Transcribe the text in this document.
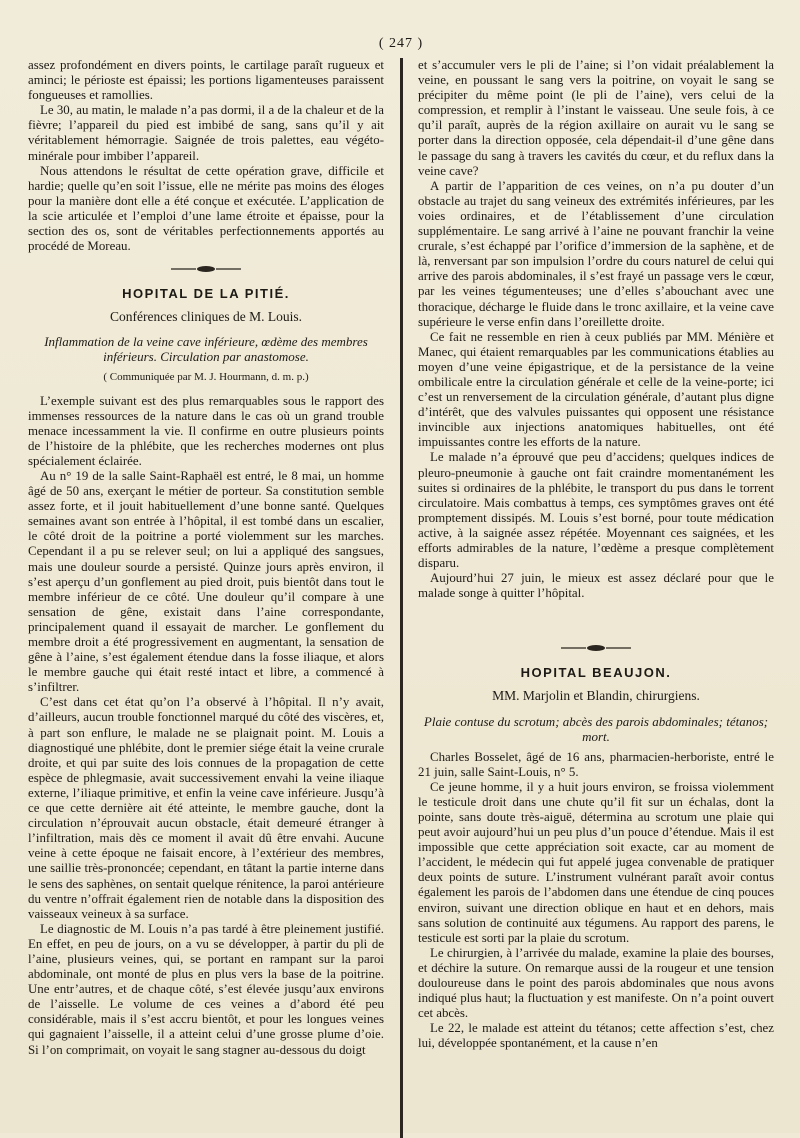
( 247 )

assez profondément en divers points, le cartilage paraît rugueux et aminci; le périoste est épaissi; les portions ligamenteuses paraissent fongueuses et ramollies.

Le 30, au matin, le malade n’a pas dormi, il a de la chaleur et de la fièvre; l’appareil du pied est imbibé de sang, sans qu’il y ait véritablement hémorragie. Saignée de trois palettes, eau végéto-minérale pour imbiber l’appareil.

Nous attendons le résultat de cette opération grave, difficile et hardie; quelle qu’en soit l’issue, elle ne mérite pas moins des éloges pour la manière dont elle a été conçue et exécutée. L’application de la scie articulée et l’emploi d’une lame étroite et épaisse, pour la section des os, sont de véritables perfectionnements apportés au procédé de Moreau.

HOPITAL DE LA PITIÉ.
Conférences cliniques de M. Louis.
Inflammation de la veine cave inférieure, œdème des membres inférieurs. Circulation par anastomose.
( Communiquée par M. J. Hourmann, d. m. p.)

L’exemple suivant est des plus remarquables sous le rapport des immenses ressources de la nature dans le cas où un grand trouble menace incessamment la vie. Il confirme en outre plusieurs points de l’histoire de la phlébite, que les recherches modernes ont plus spécialement éclairée.

Au n° 19 de la salle Saint-Raphaël est entré, le 8 mai, un homme âgé de 50 ans, exerçant le métier de porteur. Sa constitution semble assez forte, et il jouit habituellement d’une bonne santé. Quelques semaines avant son entrée à l’hôpital, il est tombé dans un escalier, le côté droit de la poitrine a porté violemment sur les marches. Cependant il a pu se relever seul; on lui a appliqué des sangsues, mais une douleur sourde a persisté. Quinze jours après environ, il s’est aperçu d’un gonflement au pied droit, puis bientôt dans tout le membre inférieur de ce côté. Une douleur qu’il compare à une sensation de gêne, existait dans l’aine correspondante, principalement quand il essayait de marcher. Le gonflement du membre droit a été progressivement en augmentant, la sensation de gêne à l’aine, s’est également étendue dans la fosse iliaque, et alors le membre gauche qui était resté intact et libre, a commencé à s’infiltrer.

C’est dans cet état qu’on l’a observé à l’hôpital. Il n’y avait, d’ailleurs, aucun trouble fonctionnel marqué du côté des viscères, et, à part son enflure, le malade ne se plaignait point. M. Louis a diagnostiqué une phlébite, dont le premier siége était la veine crurale droite, et qui par suite des lois connues de la propagation de cette espèce de phlegmasie, avait successivement envahi la veine iliaque externe, l’iliaque primitive, et enfin la veine cave inférieure. Jusqu’à ce que cette dernière ait été atteinte, le membre gauche, dont la circulation n’éprouvait aucun obstacle, était demeuré étranger à l’infiltration, mais dès ce moment il avait dû être envahi. Aucune veine à cette époque ne faisait encore, à l’extérieur des membres, une saillie très-prononcée; cependant, en tâtant la partie interne dans le sens des saphènes, on sentait quelque rénitence, la paroi antérieure du ventre n’offrait également rien de notable dans la disposition des vaisseaux veineux à sa surface.

Le diagnostic de M. Louis n’a pas tardé à être pleinement justifié. En effet, en peu de jours, on a vu se développer, à partir du pli de l’aine, plusieurs veines, qui, se portant en rampant sur la paroi abdominale, ont monté de plus en plus vers la base de la poitrine. Une entr’autres, et de chaque côté, s’est élevée jusqu’aux environs de l’aisselle. Le volume de ces veines a d’abord été peu considérable, mais il s’est accru bientôt, et pour les longues veines qui gagnaient l’aisselle, il a atteint celui d’une grosse plume d’oie. Si l’on comprimait, on voyait le sang stagner au-dessous du doigt

et s’accumuler vers le pli de l’aine; si l’on vidait préalablement la veine, en poussant le sang vers la poitrine, on voyait le sang se précipiter du même point (le pli de l’aine), vers celui de la compression, et remplir à l’instant le vaisseau. Une seule fois, à ce qu’il paraît, auprès de la région axillaire on aurait vu le sang se porter dans la direction opposée, cela dépendait-il d’une gêne dans le passage du sang à travers les cavités du cœur, et du reflux dans la veine cave?

A partir de l’apparition de ces veines, on n’a pu douter d’un obstacle au trajet du sang veineux des extrémités inférieures, par les voies ordinaires, et de l’établissement d’une circulation supplémentaire. Le sang arrivé à l’aine ne pouvant franchir la veine crurale, s’est échappé par l’orifice d’immersion de la saphène, et de là, renversant par son impulsion l’ordre du cours naturel de celui qui arrive des parois abdominales, il s’est frayé un passage vers le cœur, par les veines tégumenteuses; une d’elles s’abouchant avec une thoracique, décharge le fluide dans le tronc axillaire, et la veine cave supérieure le verse enfin dans l’oreillette droite.

Ce fait ne ressemble en rien à ceux publiés par MM. Ménière et Manec, qui étaient remarquables par les communications établies au moyen d’une veine épigastrique, et de la persistance de la veine ombilicale entre la circulation générale et celle de la veine-porte; ici c’est un renversement de la circulation générale, d’autant plus digne d’intérêt, que des valvules puissantes qui opposent une résistance invincible aux injections anatomiques habituelles, ont été impuissantes contre les efforts de la nature.

Le malade n’a éprouvé que peu d’accidens; quelques indices de pleuro-pneumonie à gauche ont fait craindre momentanément les suites si ordinaires de la phlébite, le transport du pus dans le torrent circulatoire. Mais combattus à temps, ces symptômes graves ont été promptement dissipés. M. Louis s’est borné, pour toute médication active, à la saignée assez répétée. Moyennant ces saignées, et les efforts admirables de la nature, l’œdème a presque complètement disparu.

Aujourd’hui 27 juin, le mieux est assez déclaré pour que le malade songe à quitter l’hôpital.

HOPITAL BEAUJON.
MM. Marjolin et Blandin, chirurgiens.
Plaie contuse du scrotum; abcès des parois abdominales; tétanos; mort.

Charles Bosselet, âgé de 16 ans, pharmacien-herboriste, entré le 21 juin, salle Saint-Louis, n° 5.

Ce jeune homme, il y a huit jours environ, se froissa violemment le testicule droit dans une chute qu’il fit sur un échalas, dont la pointe, sans doute très-aiguë, détermina au scrotum une plaie qui peut avoir aujourd’hui un peu plus d’un pouce d’étendue. Mais il est impossible que cette appréciation soit exacte, car au moment de l’accident, le médecin qui fut appelé jugea convenable de pratiquer deux points de suture. L’instrument vulnérant paraît avoir contus également les parois de l’abdomen dans une étendue de cinq pouces environ, suivant une direction oblique en haut et en dehors, mais sans solution de continuité aux tégumens. Au rapport des parens, le testicule est sorti par la plaie du scrotum.

Le chirurgien, à l’arrivée du malade, examine la plaie des bourses, et déchire la suture. On remarque aussi de la rougeur et une tension douloureuse dans le point des parois abdominales que nous avons indiqué plus haut; la fluctuation y est manifeste. On n’a point ouvert cet abcès.

Le 22, le malade est atteint du tétanos; cette affection s’est, chez lui, développée spontanément, et la cause n’en
